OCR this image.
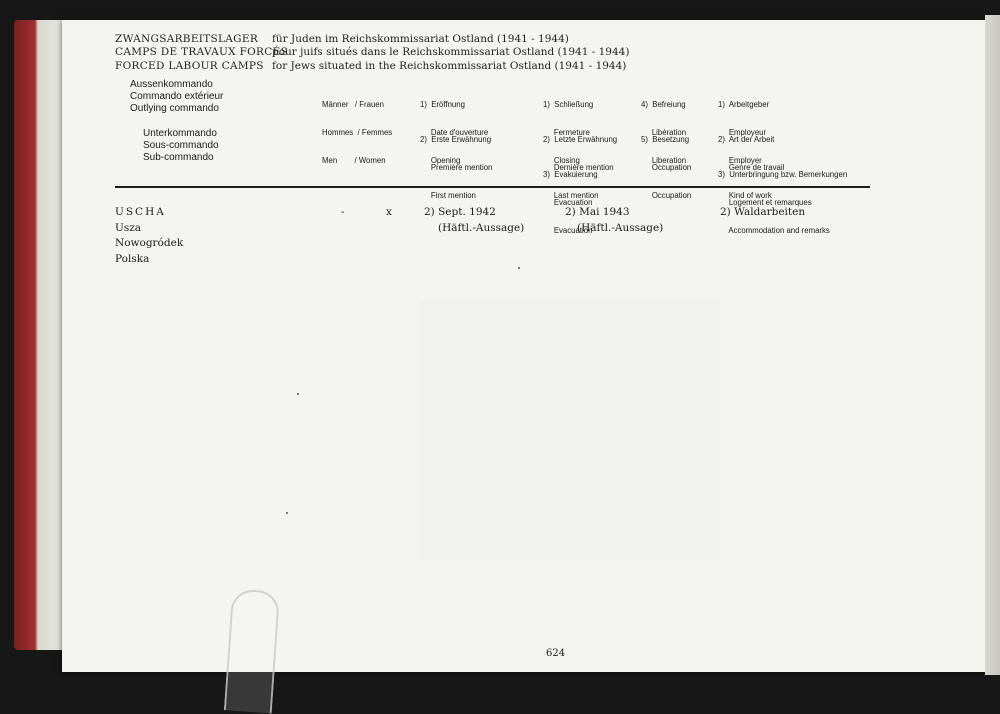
ZWANGSARBEITSLAGER
CAMPS DE TRAVAUX FORCÉS
FORCED LABOUR CAMPS
für Juden im Reichskommissariat Ostland (1941 - 1944)
pour juifs situés dans le Reichskommissariat Ostland (1941 - 1944)
for Jews situated in the Reichskommissariat Ostland (1941 - 1944)
Aussenkommando
Commando extérieur
Outlying commando
Unterkommando
Sous-commando
Sub-commando

Männer   / Frauen

Hommes  / Femmes

Men        / Women

1)  Eröffnung

Date d'ouverture

Opening

2)  Erste Erwähnung

Première mention

First mention

1)  Schließung

Fermeture

Closing

2)  Letzte Erwähnung

Dernière mention

Last mention

3)  Evakuierung

Evacuation

Evacuation

4)  Befreiung

Libération

Liberation

5)  Besetzung

Occupation

Occupation

1)  Arbeitgeber

Employeur

Employer

2)  Art der Arbeit

Genre de travail

Kind of work

3)  Unterbringung bzw. Bemerkungen

Logement et remarques

Accommodation and remarks

USCHA
Usza
Nowogródek
Polska
-	x	2) Sept. 1942
(Häftl.-Aussage)
2) Mai 1943
(Häftl.-Aussage)
2) Waldarbeiten
624
